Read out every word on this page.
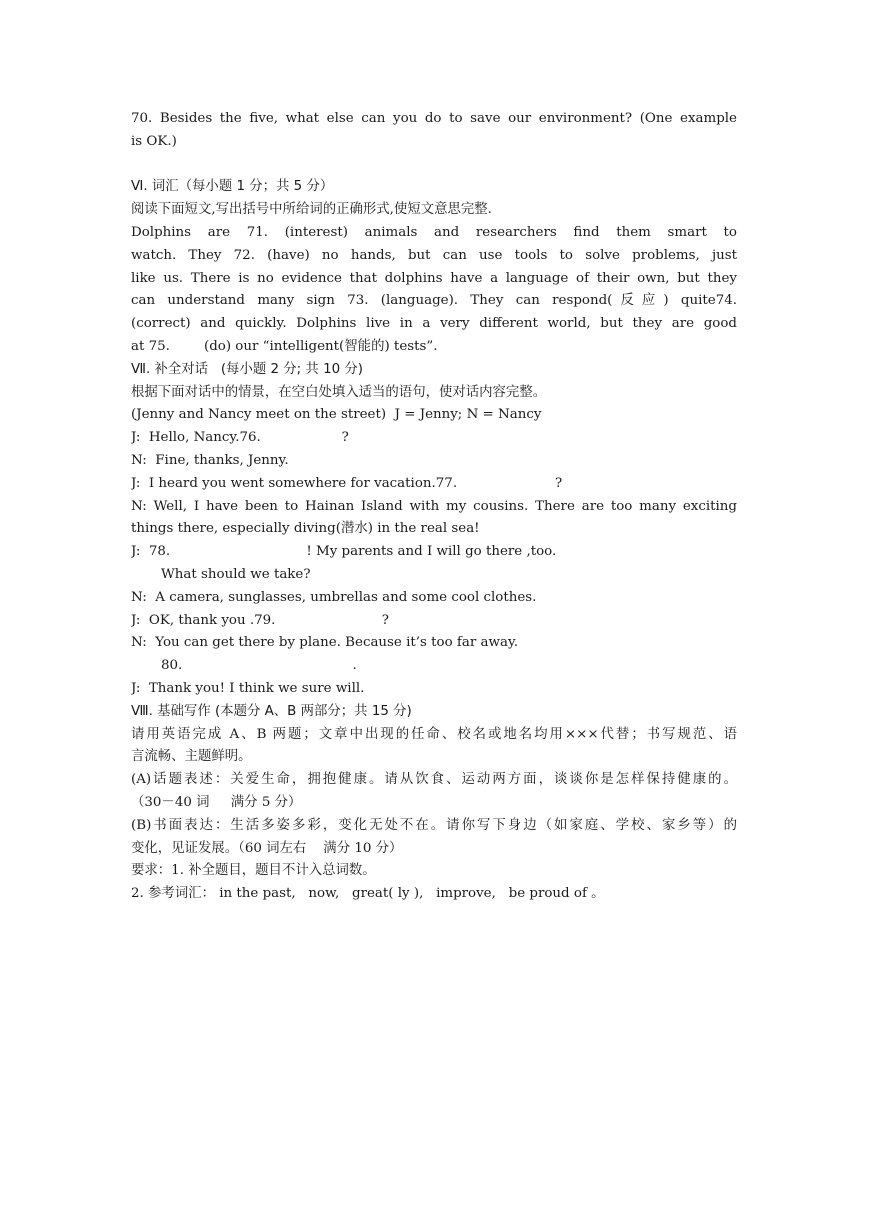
70. Besides the five, what else can you do to save our environment? (One example
is OK.)
Ⅵ. 词汇（每小题 1 分；共 5 分）
阅读下面短文,写出括号中所给词的正确形式,使短文意思完整.
Dolphins are 71. (interest) animals and researchers find them smart to
watch. They 72. (have) no hands, but can use tools to solve problems, just
like us. There is no evidence that dolphins have a language of their own, but they
can understand many sign 73. (language). They can respond(反应) quite74.
(correct) and quickly. Dolphins live in a very different world, but they are good
at 75.        (do) our “intelligent(智能的) tests”.
Ⅶ. 补全对话   (每小题 2 分; 共 10 分)
根据下面对话中的情景，在空白处填入适当的语句，使对话内容完整。
(Jenny and Nancy meet on the street)  J = Jenny; N = Nancy
J:  Hello, Nancy.76.                   ?
N:  Fine, thanks, Jenny.
J:  I heard you went somewhere for vacation.77.                       ?
N: Well, I have been to Hainan Island with my cousins. There are too many exciting
things there, especially diving(潜水) in the real sea!
J:  78.                                ! My parents and I will go there ,too.
What should we take?
N:  A camera, sunglasses, umbrellas and some cool clothes.
J:  OK, thank you .79.                         ?
N:  You can get there by plane. Because it’s too far away.
80.                                        .
J:  Thank you! I think we sure will.
Ⅷ. 基础写作 (本题分 A、B 两部分；共 15 分)
请用英语完成 A、B 两题；文章中出现的任命、校名或地名均用×××代替；书写规范、语
言流畅、主题鲜明。
(A)话题表述：关爱生命，拥抱健康。请从饮食、运动两方面，谈谈你是怎样保持健康的。
（30－40 词     满分 5 分）
(B)书面表达：生活多姿多彩，变化无处不在。请你写下身边（如家庭、学校、家乡等）的
变化，见证发展。（60 词左右    满分 10 分）
要求：1. 补全题目，题目不计入总词数。
2. 参考词汇： in the past,   now,   great( ly ),   improve,   be proud of 。
